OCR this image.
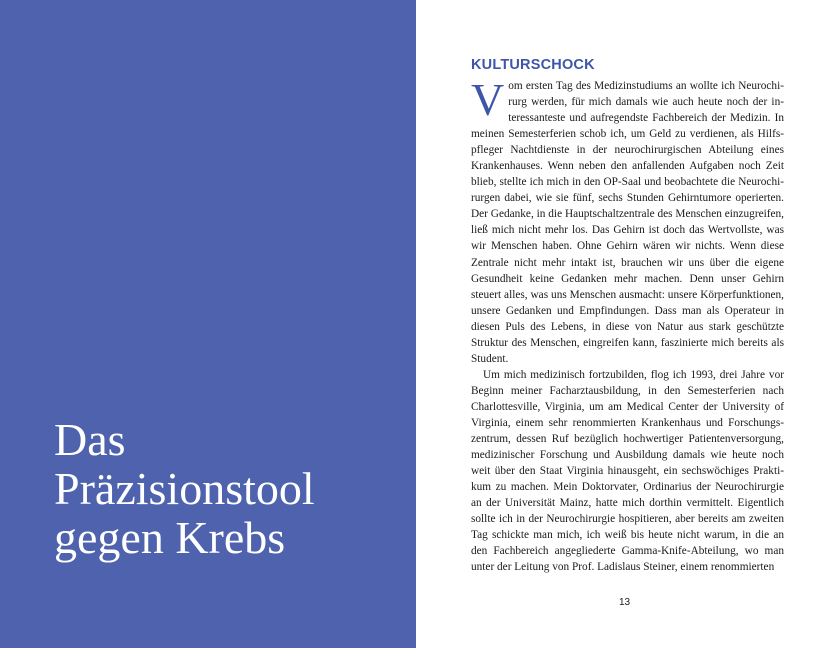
Das
Präzisionstool
gegen Krebs
KULTURSCHOCK

Vom ersten Tag des Medizinstudiums an wollte ich Neurochirurg werden, für mich damals wie auch heute noch der interessanteste und aufregendste Fachbereich der Medizin. In meinen Semesterferien schob ich, um Geld zu verdienen, als Hilfspfleger Nachtdienste in der neurochirurgischen Abteilung eines Krankenhauses. Wenn neben den anfallenden Aufgaben noch Zeit blieb, stellte ich mich in den OP-Saal und beobachtete die Neurochirurgen dabei, wie sie fünf, sechs Stunden Gehirntumore operierten. Der Gedanke, in die Hauptschaltzentrale des Menschen einzugreifen, ließ mich nicht mehr los. Das Gehirn ist doch das Wertvollste, was wir Menschen haben. Ohne Gehirn wären wir nichts. Wenn diese Zentrale nicht mehr intakt ist, brauchen wir uns über die eigene Gesundheit keine Gedanken mehr machen. Denn unser Gehirn steuert alles, was uns Menschen ausmacht: unsere Körperfunktionen, unsere Gedanken und Empfindungen. Dass man als Operateur in diesen Puls des Lebens, in diese von Natur aus stark geschützte Struktur des Menschen, eingreifen kann, faszinierte mich bereits als Student.

Um mich medizinisch fortzubilden, flog ich 1993, drei Jahre vor Beginn meiner Facharztausbildung, in den Semesterferien nach Charlottesville, Virginia, um am Medical Center der University of Virginia, einem sehr renommierten Krankenhaus und Forschungszentrum, dessen Ruf bezüglich hochwertiger Patientenversorgung, medizinischer Forschung und Ausbildung damals wie heute noch weit über den Staat Virginia hinausgeht, ein sechswöchiges Praktikum zu machen. Mein Doktorvater, Ordinarius der Neurochirurgie an der Universität Mainz, hatte mich dorthin vermittelt. Eigentlich sollte ich in der Neurochirurgie hospitieren, aber bereits am zweiten Tag schickte man mich, ich weiß bis heute nicht warum, in die an den Fachbereich angegliederte Gamma-Knife-Abteilung, wo man unter der Leitung von Prof. Ladislaus Steiner, einem renommierten

13
